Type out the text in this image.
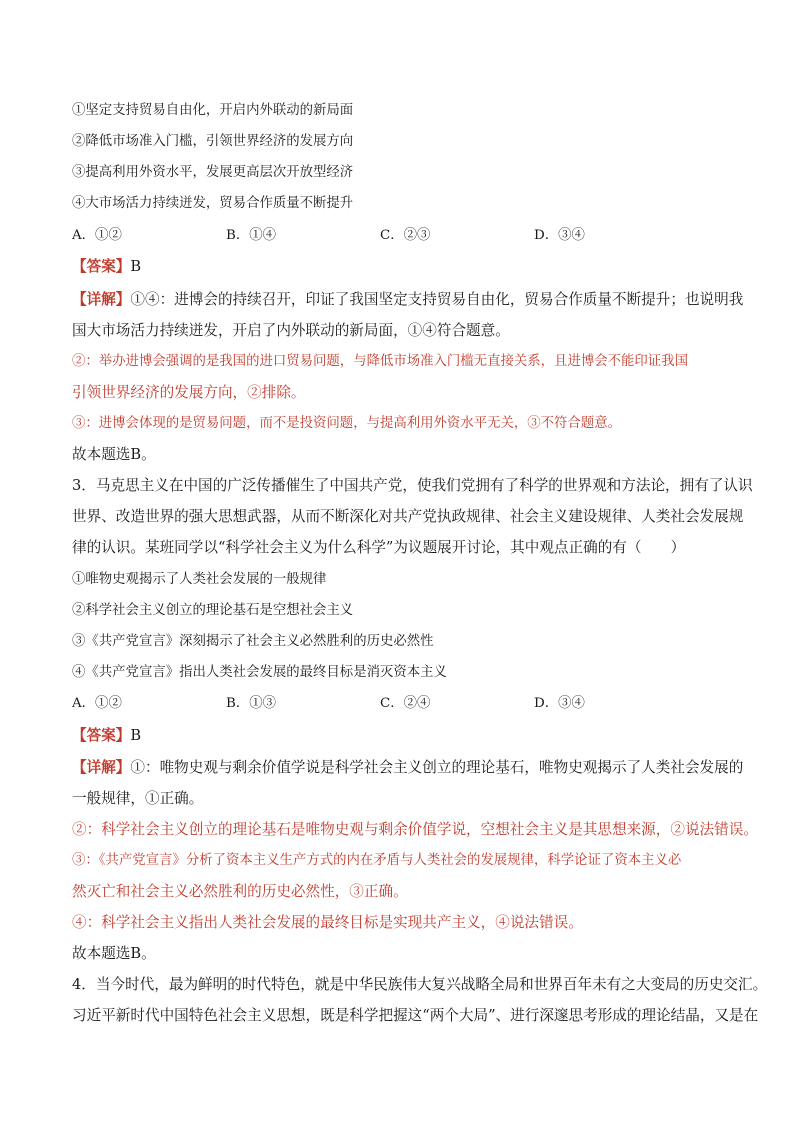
①坚定支持贸易自由化，开启内外联动的新局面
②降低市场准入门槛，引领世界经济的发展方向
③提高利用外资水平，发展更高层次开放型经济
④大市场活力持续迸发，贸易合作质量不断提升
A．①②	B．①④	C．②③	D．③④
【答案】B
【详解】①④：进博会的持续召开，印证了我国坚定支持贸易自由化，贸易合作质量不断提升；也说明我
国大市场活力持续迸发，开启了内外联动的新局面，①④符合题意。
②：举办进博会强调的是我国的进口贸易问题，与降低市场准入门槛无直接关系，且进博会不能印证我国
引领世界经济的发展方向，②排除。
③：进博会体现的是贸易问题，而不是投资问题，与提高利用外资水平无关，③不符合题意。
故本题选B。
3．马克思主义在中国的广泛传播催生了中国共产党，使我们党拥有了科学的世界观和方法论，拥有了认识
世界、改造世界的强大思想武器，从而不断深化对共产党执政规律、社会主义建设规律、人类社会发展规
律的认识。某班同学以“科学社会主义为什么科学”为议题展开讨论，其中观点正确的有（　　）
①唯物史观揭示了人类社会发展的一般规律
②科学社会主义创立的理论基石是空想社会主义
③《共产党宣言》深刻揭示了社会主义必然胜利的历史必然性
④《共产党宣言》指出人类社会发展的最终目标是消灭资本主义
A．①②	B．①③	C．②④	D．③④
【答案】B
【详解】①：唯物史观与剩余价值学说是科学社会主义创立的理论基石，唯物史观揭示了人类社会发展的
一般规律，①正确。
②：科学社会主义创立的理论基石是唯物史观与剩余价值学说，空想社会主义是其思想来源，②说法错误。
③：《共产党宣言》分析了资本主义生产方式的内在矛盾与人类社会的发展规律，科学论证了资本主义必
然灭亡和社会主义必然胜利的历史必然性，③正确。
④：科学社会主义指出人类社会发展的最终目标是实现共产主义，④说法错误。
故本题选B。
4．当今时代，最为鲜明的时代特色，就是中华民族伟大复兴战略全局和世界百年未有之大变局的历史交汇。
习近平新时代中国特色社会主义思想，既是科学把握这“两个大局”、进行深邃思考形成的理论结晶，又是在
